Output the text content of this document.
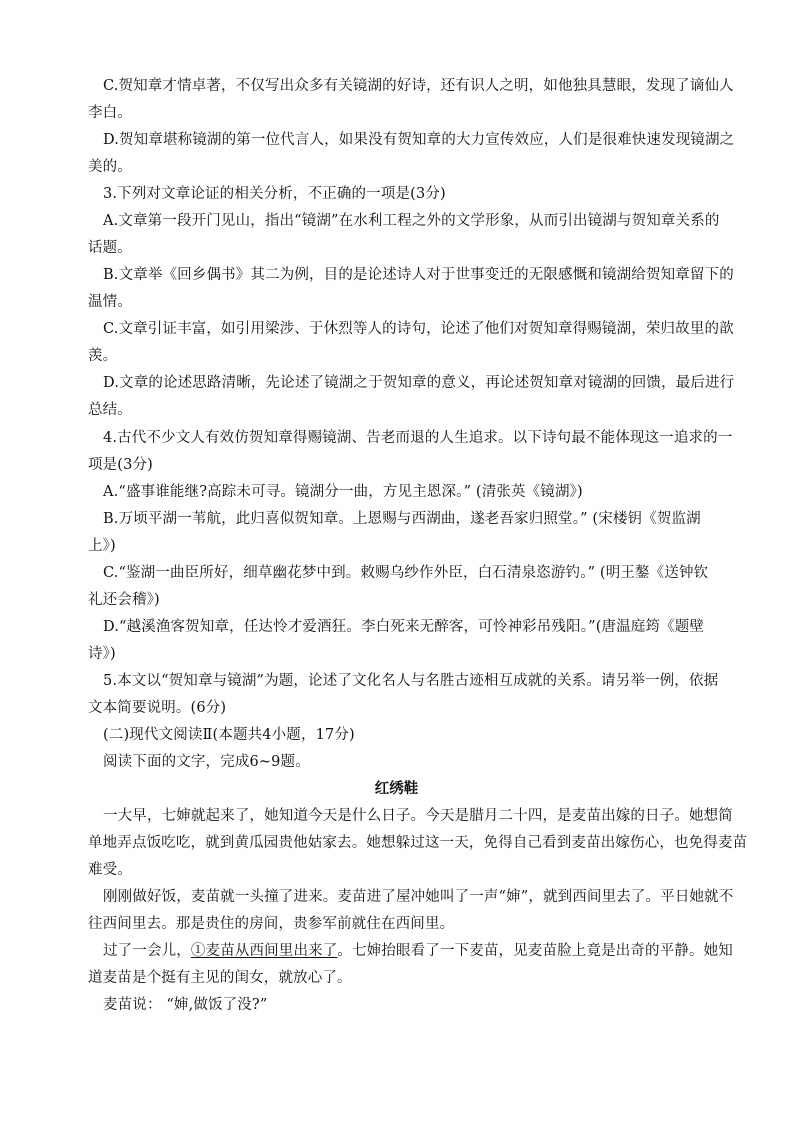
C.贺知章才情卓著，不仅写出众多有关镜湖的好诗，还有识人之明，如他独具慧眼，发现了谪仙人
李白。
D.贺知章堪称镜湖的第一位代言人，如果没有贺知章的大力宣传效应，人们是很难快速发现镜湖之
美的。
3.下列对文章论证的相关分析，不正确的一项是(3分)
A.文章第一段开门见山，指出“镜湖”在水利工程之外的文学形象，从而引出镜湖与贺知章关系的
话题。
B.文章举《回乡偶书》其二为例，目的是论述诗人对于世事变迁的无限感慨和镜湖给贺知章留下的
温情。
C.文章引证丰富，如引用梁涉、于休烈等人的诗句，论述了他们对贺知章得赐镜湖，荣归故里的歆
羡。
D.文章的论述思路清晰，先论述了镜湖之于贺知章的意义，再论述贺知章对镜湖的回馈，最后进行
总结。
4.古代不少文人有效仿贺知章得赐镜湖、告老而退的人生追求。以下诗句最不能体现这一追求的一
项是(3分)
A.“盛事谁能继?高踪未可寻。镜湖分一曲，方见主恩深。” (清张英《镜湖》)
B.万顷平湖一苇航，此归喜似贺知章。上恩赐与西湖曲，遂老吾家归照堂。” (宋楼钥《贺监湖
上》)
C.“鉴湖一曲臣所好，细草幽花梦中到。敕赐乌纱作外臣，白石清泉恣游钓。” (明王鏊《送钟钦
礼还会稽》)
D.“越溪渔客贺知章，任达怜才爱酒狂。李白死来无醉客，可怜神彩吊残阳。”(唐温庭筠《题壁
诗》)
5.本文以“贺知章与镜湖”为题，论述了文化名人与名胜古迹相互成就的关系。请另举一例，依据
文本简要说明。(6分)
(二)现代文阅读Ⅱ(本题共4小题，17分)
阅读下面的文字，完成6~9题。
红绣鞋
一大早，七婶就起来了，她知道今天是什么日子。今天是腊月二十四，是麦苗出嫁的日子。她想简
单地弄点饭吃吃，就到黄瓜园贵他姑家去。她想躲过这一天，免得自己看到麦苗出嫁伤心，也免得麦苗
难受。
刚刚做好饭，麦苗就一头撞了进来。麦苗进了屋冲她叫了一声“婶”，就到西间里去了。平日她就不
往西间里去。那是贵住的房间，贵参军前就住在西间里。
过了一会儿，①麦苗从西间里出来了。七婶抬眼看了一下麦苗，见麦苗脸上竟是出奇的平静。她知
道麦苗是个挺有主见的闺女，就放心了。
麦苗说： “婶,做饭了没?”
